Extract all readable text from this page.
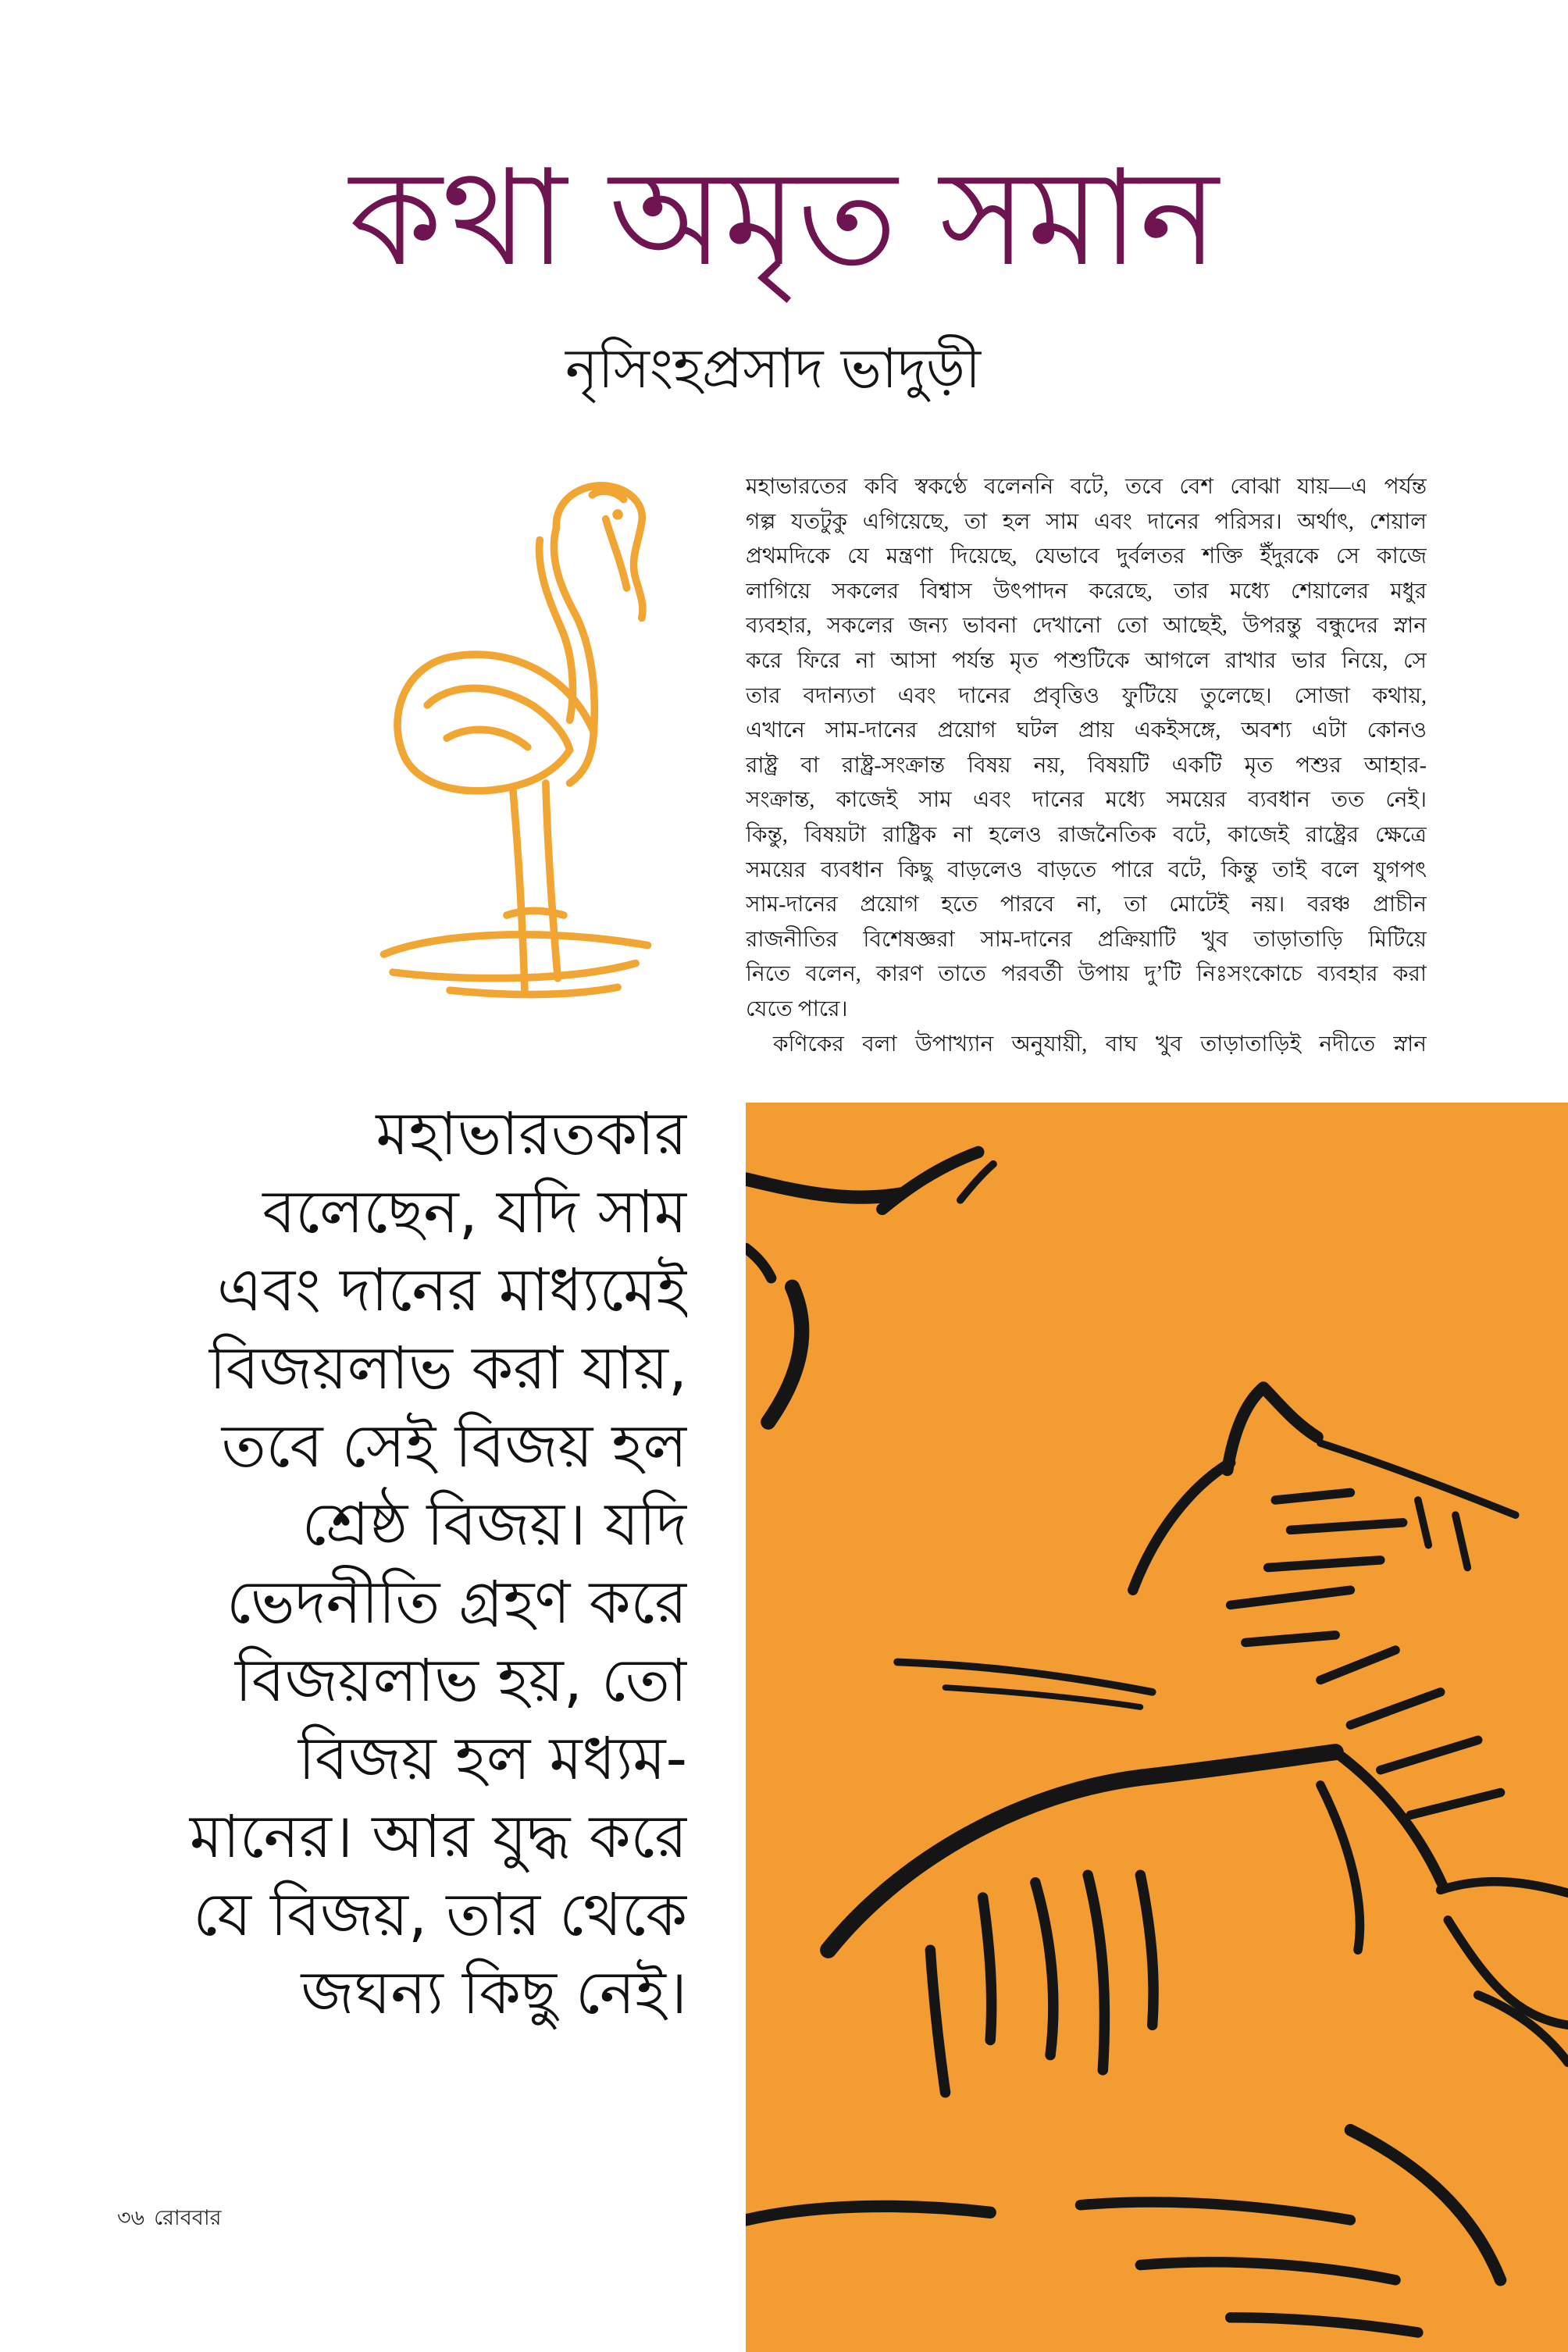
কথা অমৃত সমান
নৃসিংহপ্রসাদ ভাদুড়ী
মহাভারতের কবি স্বকণ্ঠে বলেননি বটে, তবে বেশ বোঝা যায়—এ পর্যন্ত
গল্প যতটুকু এগিয়েছে, তা হল সাম এবং দানের পরিসর। অর্থাৎ, শেয়াল
প্রথমদিকে যে মন্ত্রণা দিয়েছে, যেভাবে দুর্বলতর শক্তি ইঁদুরকে সে কাজে
লাগিয়ে সকলের বিশ্বাস উৎপাদন করেছে, তার মধ্যে শেয়ালের মধুর
ব্যবহার, সকলের জন্য ভাবনা দেখানো তো আছেই, উপরন্তু বন্ধুদের স্নান
করে ফিরে না আসা পর্যন্ত মৃত পশুটিকে আগলে রাখার ভার নিয়ে, সে
তার বদান্যতা এবং দানের প্রবৃত্তিও ফুটিয়ে তুলেছে। সোজা কথায়,
এখানে সাম-দানের প্রয়োগ ঘটল প্রায় একইসঙ্গে, অবশ্য এটা কোনও
রাষ্ট্র বা রাষ্ট্র-সংক্রান্ত বিষয় নয়, বিষয়টি একটি মৃত পশুর আহার-
সংক্রান্ত, কাজেই সাম এবং দানের মধ্যে সময়ের ব্যবধান তত নেই।
কিন্তু, বিষয়টা রাষ্ট্রিক না হলেও রাজনৈতিক বটে, কাজেই রাষ্ট্রের ক্ষেত্রে
সময়ের ব্যবধান কিছু বাড়লেও বাড়তে পারে বটে, কিন্তু তাই বলে যুগপৎ
সাম-দানের প্রয়োগ হতে পারবে না, তা মোটেই নয়। বরঞ্চ প্রাচীন
রাজনীতির বিশেষজ্ঞরা সাম-দানের প্রক্রিয়াটি খুব তাড়াতাড়ি মিটিয়ে
নিতে বলেন, কারণ তাতে পরবর্তী উপায় দু’টি নিঃসংকোচে ব্যবহার করা
যেতে পারে।
কণিকের বলা উপাখ্যান অনুযায়ী, বাঘ খুব তাড়াতাড়িই নদীতে স্নান
মহাভারতকার
বলেছেন, যদি সাম
এবং দানের মাধ্যমেই
বিজয়লাভ করা যায়,
তবে সেই বিজয় হল
শ্রেষ্ঠ বিজয়। যদি
ভেদনীতি গ্রহণ করে
বিজয়লাভ হয়, তো
বিজয় হল মধ্যম-
মানের। আর যুদ্ধ করে
যে বিজয়, তার থেকে
জঘন্য কিছু নেই।
৩৬ রোববার
